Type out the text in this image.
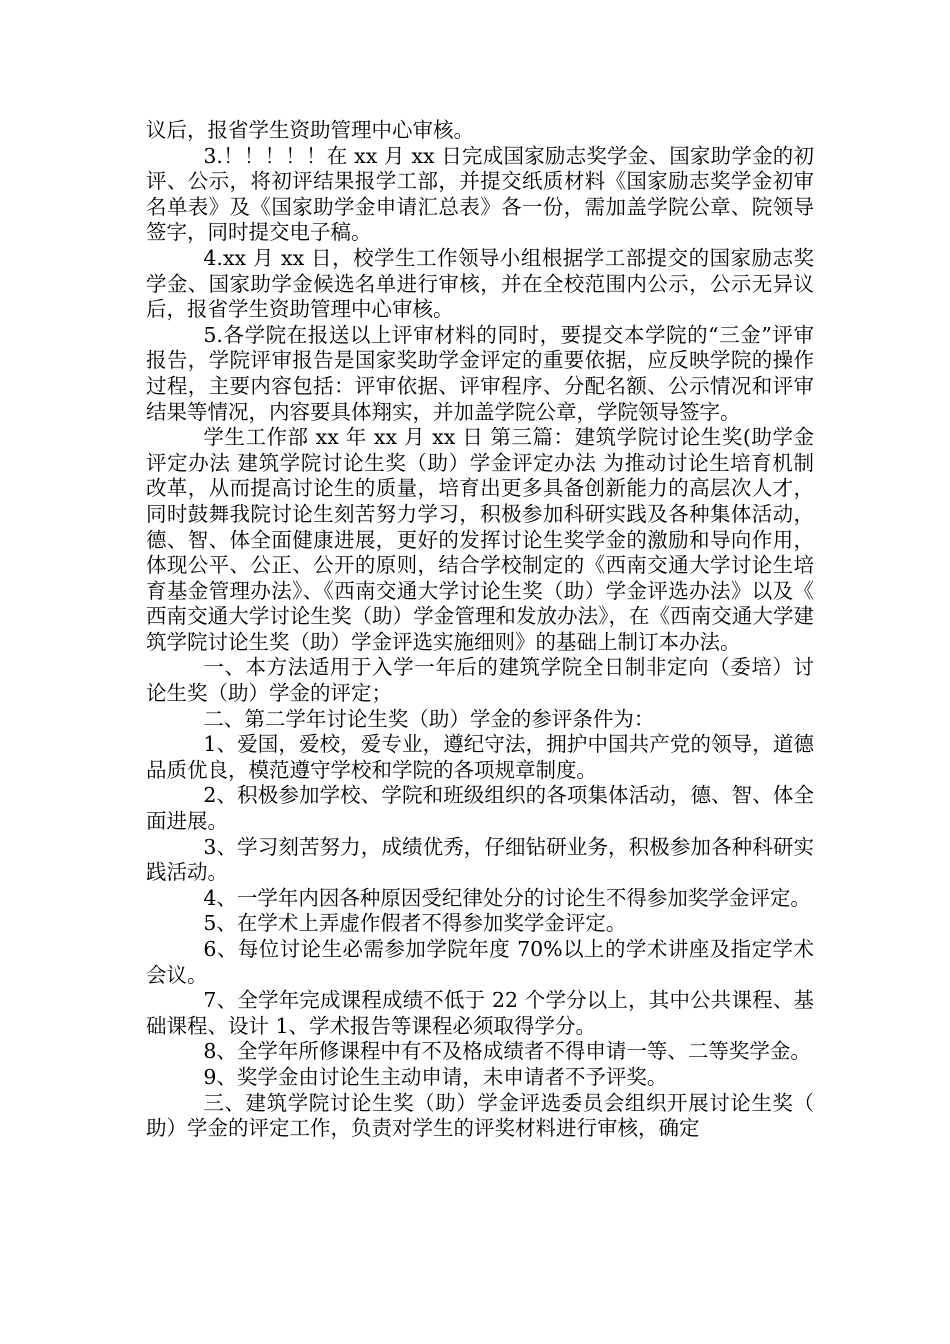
议后，报省学生资助管理中心审核。

3.！！！！！在 xx 月 xx 日完成国家励志奖学金、国家助学金的初评、公示，将初评结果报学工部，并提交纸质材料《国家励志奖学金初审名单表》及《国家助学金申请汇总表》各一份，需加盖学院公章、院领导签字，同时提交电子稿。

4.xx 月 xx 日，校学生工作领导小组根据学工部提交的国家励志奖学金、国家助学金候选名单进行审核，并在全校范围内公示，公示无异议后，报省学生资助管理中心审核。

5.各学院在报送以上评审材料的同时，要提交本学院的“三金”评审报告，学院评审报告是国家奖助学金评定的重要依据，应反映学院的操作过程，主要内容包括：评审依据、评审程序、分配名额、公示情况和评审结果等情况，内容要具体翔实，并加盖学院公章，学院领导签字。

学生工作部 xx 年 xx 月 xx 日 第三篇：建筑学院讨论生奖(助学金评定办法 建筑学院讨论生奖（助）学金评定办法 为推动讨论生培育机制改革，从而提高讨论生的质量，培育出更多具备创新能力的高层次人才，同时鼓舞我院讨论生刻苦努力学习，积极参加科研实践及各种集体活动，德、智、体全面健康进展，更好的发挥讨论生奖学金的激励和导向作用，体现公平、公正、公开的原则，结合学校制定的《西南交通大学讨论生培育基金管理办法》、《西南交通大学讨论生奖（助）学金评选办法》以及《西南交通大学讨论生奖（助）学金管理和发放办法》，在《西南交通大学建筑学院讨论生奖（助）学金评选实施细则》的基础上制订本办法。

一、本方法适用于入学一年后的建筑学院全日制非定向（委培）讨论生奖（助）学金的评定；

二、第二学年讨论生奖（助）学金的参评条件为：

1、爱国，爱校，爱专业，遵纪守法，拥护中国共产党的领导，道德品质优良，模范遵守学校和学院的各项规章制度。

2、积极参加学校、学院和班级组织的各项集体活动，德、智、体全面进展。

3、学习刻苦努力，成绩优秀，仔细钻研业务，积极参加各种科研实践活动。

4、一学年内因各种原因受纪律处分的讨论生不得参加奖学金评定。

5、在学术上弄虚作假者不得参加奖学金评定。

6、每位讨论生必需参加学院年度 70%以上的学术讲座及指定学术会议。

7、全学年完成课程成绩不低于 22 个学分以上，其中公共课程、基础课程、设计 1、学术报告等课程必须取得学分。

8、全学年所修课程中有不及格成绩者不得申请一等、二等奖学金。

9、奖学金由讨论生主动申请，未申请者不予评奖。

三、建筑学院讨论生奖（助）学金评选委员会组织开展讨论生奖（助）学金的评定工作，负责对学生的评奖材料进行审核，确定
